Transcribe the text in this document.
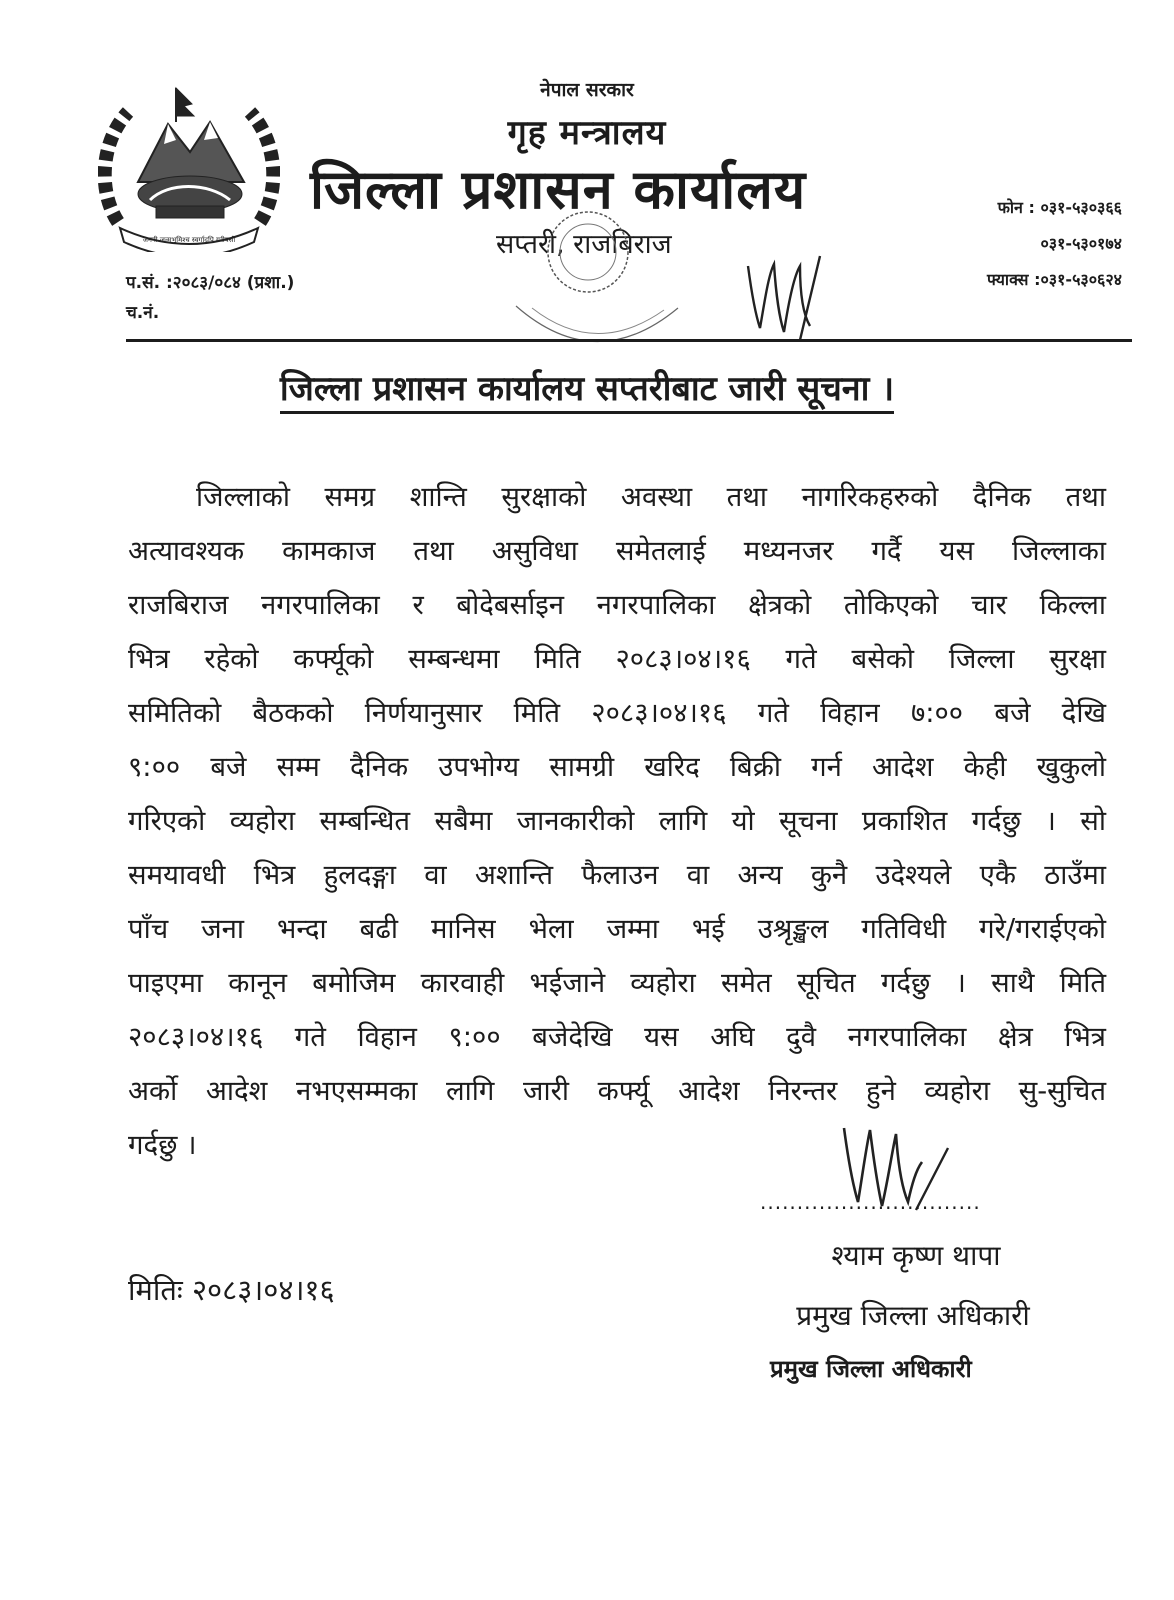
जननी जन्मभूमिश्च स्वर्गादपि गरीयसी
नेपाल सरकार
गृह मन्त्रालय
जिल्ला प्रशासन कार्यालय
सप्तरी, राजबिराज
फोन : ०३१-५३०३६६
०३१-५३०१७४
फ्याक्स :०३१-५३०६२४
प.सं. :२०८३/०८४ (प्रशा.)
च.नं.
जिल्ला प्रशासन कार्यालय सप्तरीबाट जारी सूचना ।
जिल्लाको समग्र शान्ति सुरक्षाको अवस्था तथा नागरिकहरुको दैनिक तथा
अत्यावश्यक कामकाज तथा असुविधा समेतलाई मध्यनजर गर्दै यस जिल्लाका
राजबिराज नगरपालिका र बोदेबर्साइन नगरपालिका क्षेत्रको तोकिएको चार किल्ला
भित्र रहेको कर्फ्यूको सम्बन्धमा मिति २०८३।०४।१६ गते बसेको जिल्ला सुरक्षा
समितिको बैठकको निर्णयानुसार मिति २०८३।०४।१६ गते विहान ७:०० बजे देखि
९:०० बजे सम्म दैनिक उपभोग्य सामग्री खरिद बिक्री गर्न आदेश केही खुकुलो
गरिएको व्यहोरा सम्बन्धित सबैमा जानकारीको लागि यो सूचना प्रकाशित गर्दछु । सो
समयावधी भित्र हुलदङ्गा वा अशान्ति फैलाउन वा अन्य कुनै उदेश्यले एकै ठाउँमा
पाँच जना भन्दा बढी मानिस भेला जम्मा भई उश्रृङ्खल गतिविधी गरे/गराईएको
पाइएमा कानून बमोजिम कारवाही भईजाने व्यहोरा समेत सूचित गर्दछु । साथै मिति
२०८३।०४।१६ गते विहान ९:०० बजेदेखि यस अघि दुवै नगरपालिका क्षेत्र भित्र
अर्को आदेश नभएसम्मका लागि जारी कर्फ्यू आदेश निरन्तर हुने व्यहोरा सु-सुचित
गर्दछु ।
..............................
श्याम कृष्ण थापा
प्रमुख जिल्ला अधिकारी
प्रमुख जिल्ला अधिकारी
मितिः २०८३।०४।१६
